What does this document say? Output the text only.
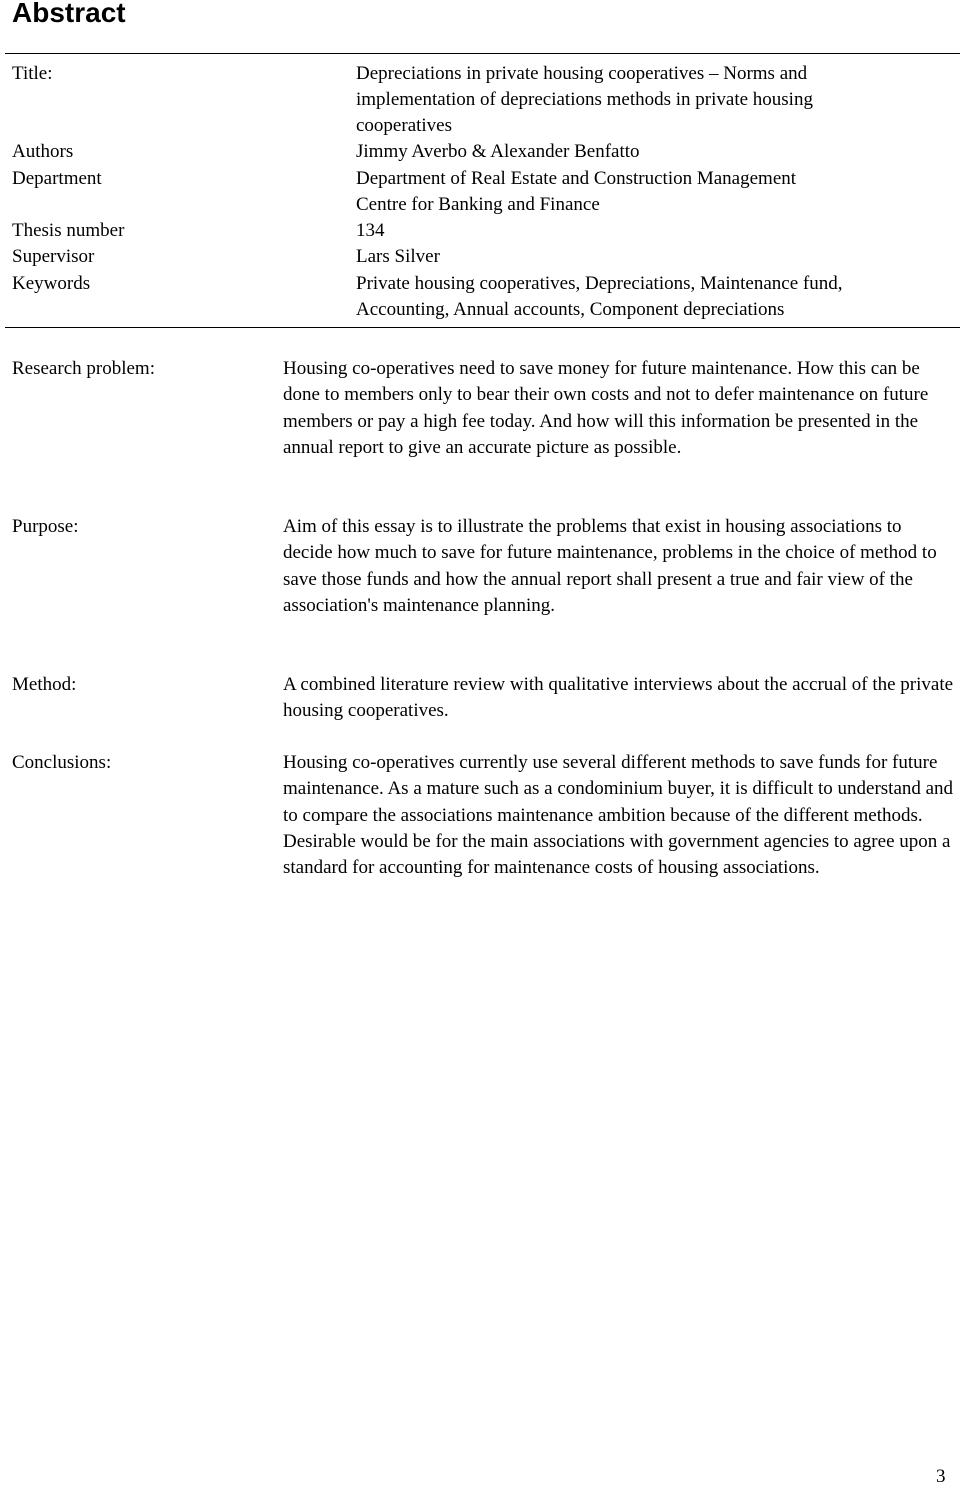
Abstract
Title:	Depreciations in private housing cooperatives – Norms and
implementation of depreciations methods in private housing
cooperatives
Authors	Jimmy Averbo & Alexander Benfatto
Department	Department of Real Estate and Construction Management
Centre for Banking and Finance
Thesis number	134
Supervisor	Lars Silver
Keywords	Private housing cooperatives, Depreciations, Maintenance fund,
Accounting, Annual accounts, Component depreciations
Research problem:	Housing co-operatives need to save money for future maintenance. How this can be done to members only to bear their own costs and not to defer maintenance on future members or pay a high fee today. And how will this information be presented in the annual report to give an accurate picture as possible.

Purpose:	Aim of this essay is to illustrate the problems that exist in housing associations to decide how much to save for future maintenance, problems in the choice of method to save those funds and how the annual report shall present a true and fair view of the association's maintenance planning.

Method:	A combined literature review with qualitative interviews about the accrual of the private housing cooperatives.

Conclusions:	Housing co-operatives currently use several different methods to save funds for future maintenance. As a mature such as a condominium buyer, it is difficult to understand and to compare the associations maintenance ambition because of the different methods. Desirable would be for the main associations with government agencies to agree upon a standard for accounting for maintenance costs of housing associations.

3
